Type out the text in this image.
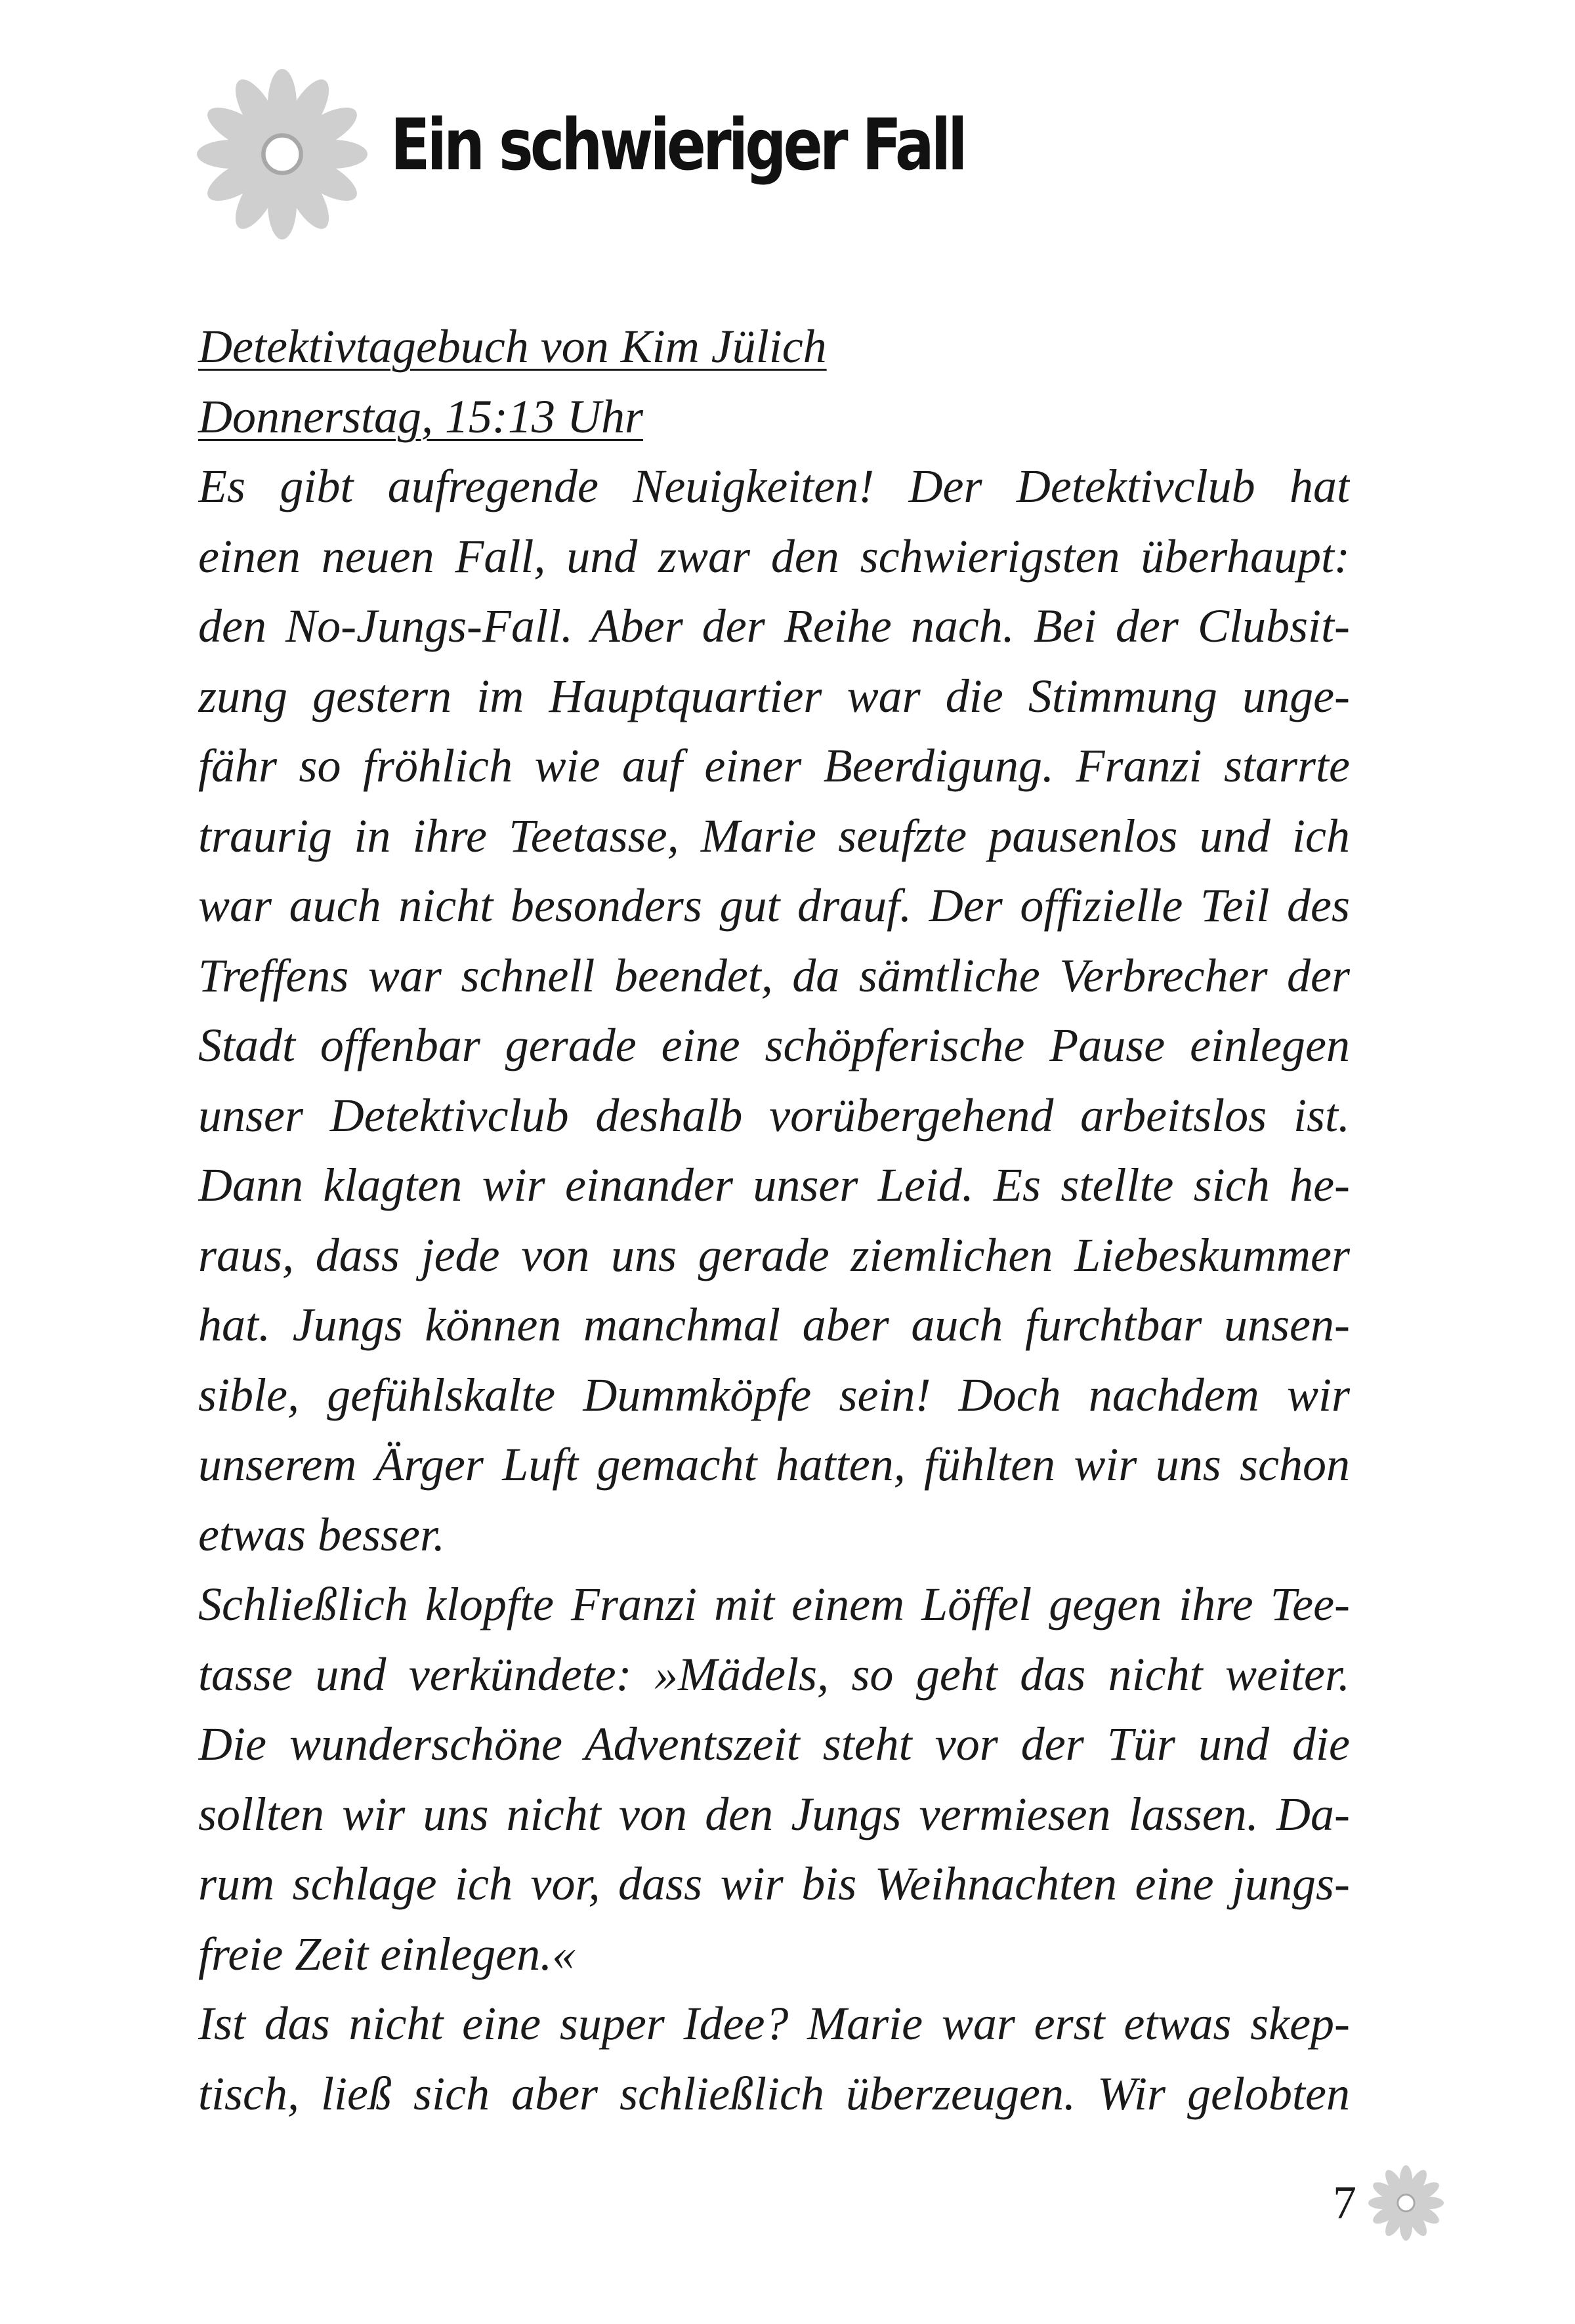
Ein schwieriger Fall
Detektivtagebuch von Kim Jülich
Donnerstag, 15:13 Uhr
Es gibt aufregende Neuigkeiten! Der Detektivclub hat
einen neuen Fall, und zwar den schwierigsten überhaupt:
den No-Jungs-Fall. Aber der Reihe nach. Bei der Clubsit-
zung gestern im Hauptquartier war die Stimmung unge-
fähr so fröhlich wie auf einer Beerdigung. Franzi starrte
traurig in ihre Teetasse, Marie seufzte pausenlos und ich
war auch nicht besonders gut drauf. Der offizielle Teil des
Treffens war schnell beendet, da sämtliche Verbrecher der
Stadt offenbar gerade eine schöpferische Pause einlegen
unser Detektivclub deshalb vorübergehend arbeitslos ist.
Dann klagten wir einander unser Leid. Es stellte sich he-
raus, dass jede von uns gerade ziemlichen Liebeskummer
hat. Jungs können manchmal aber auch furchtbar unsen-
sible, gefühlskalte Dummköpfe sein! Doch nachdem wir
unserem Ärger Luft gemacht hatten, fühlten wir uns schon
etwas besser.
Schließlich klopfte Franzi mit einem Löffel gegen ihre Tee-
tasse und verkündete: »Mädels, so geht das nicht weiter.
Die wunderschöne Adventszeit steht vor der Tür und die
sollten wir uns nicht von den Jungs vermiesen lassen. Da-
rum schlage ich vor, dass wir bis Weihnachten eine jungs-
freie Zeit einlegen.«
Ist das nicht eine super Idee? Marie war erst etwas skep-
tisch, ließ sich aber schließlich überzeugen. Wir gelobten
7
